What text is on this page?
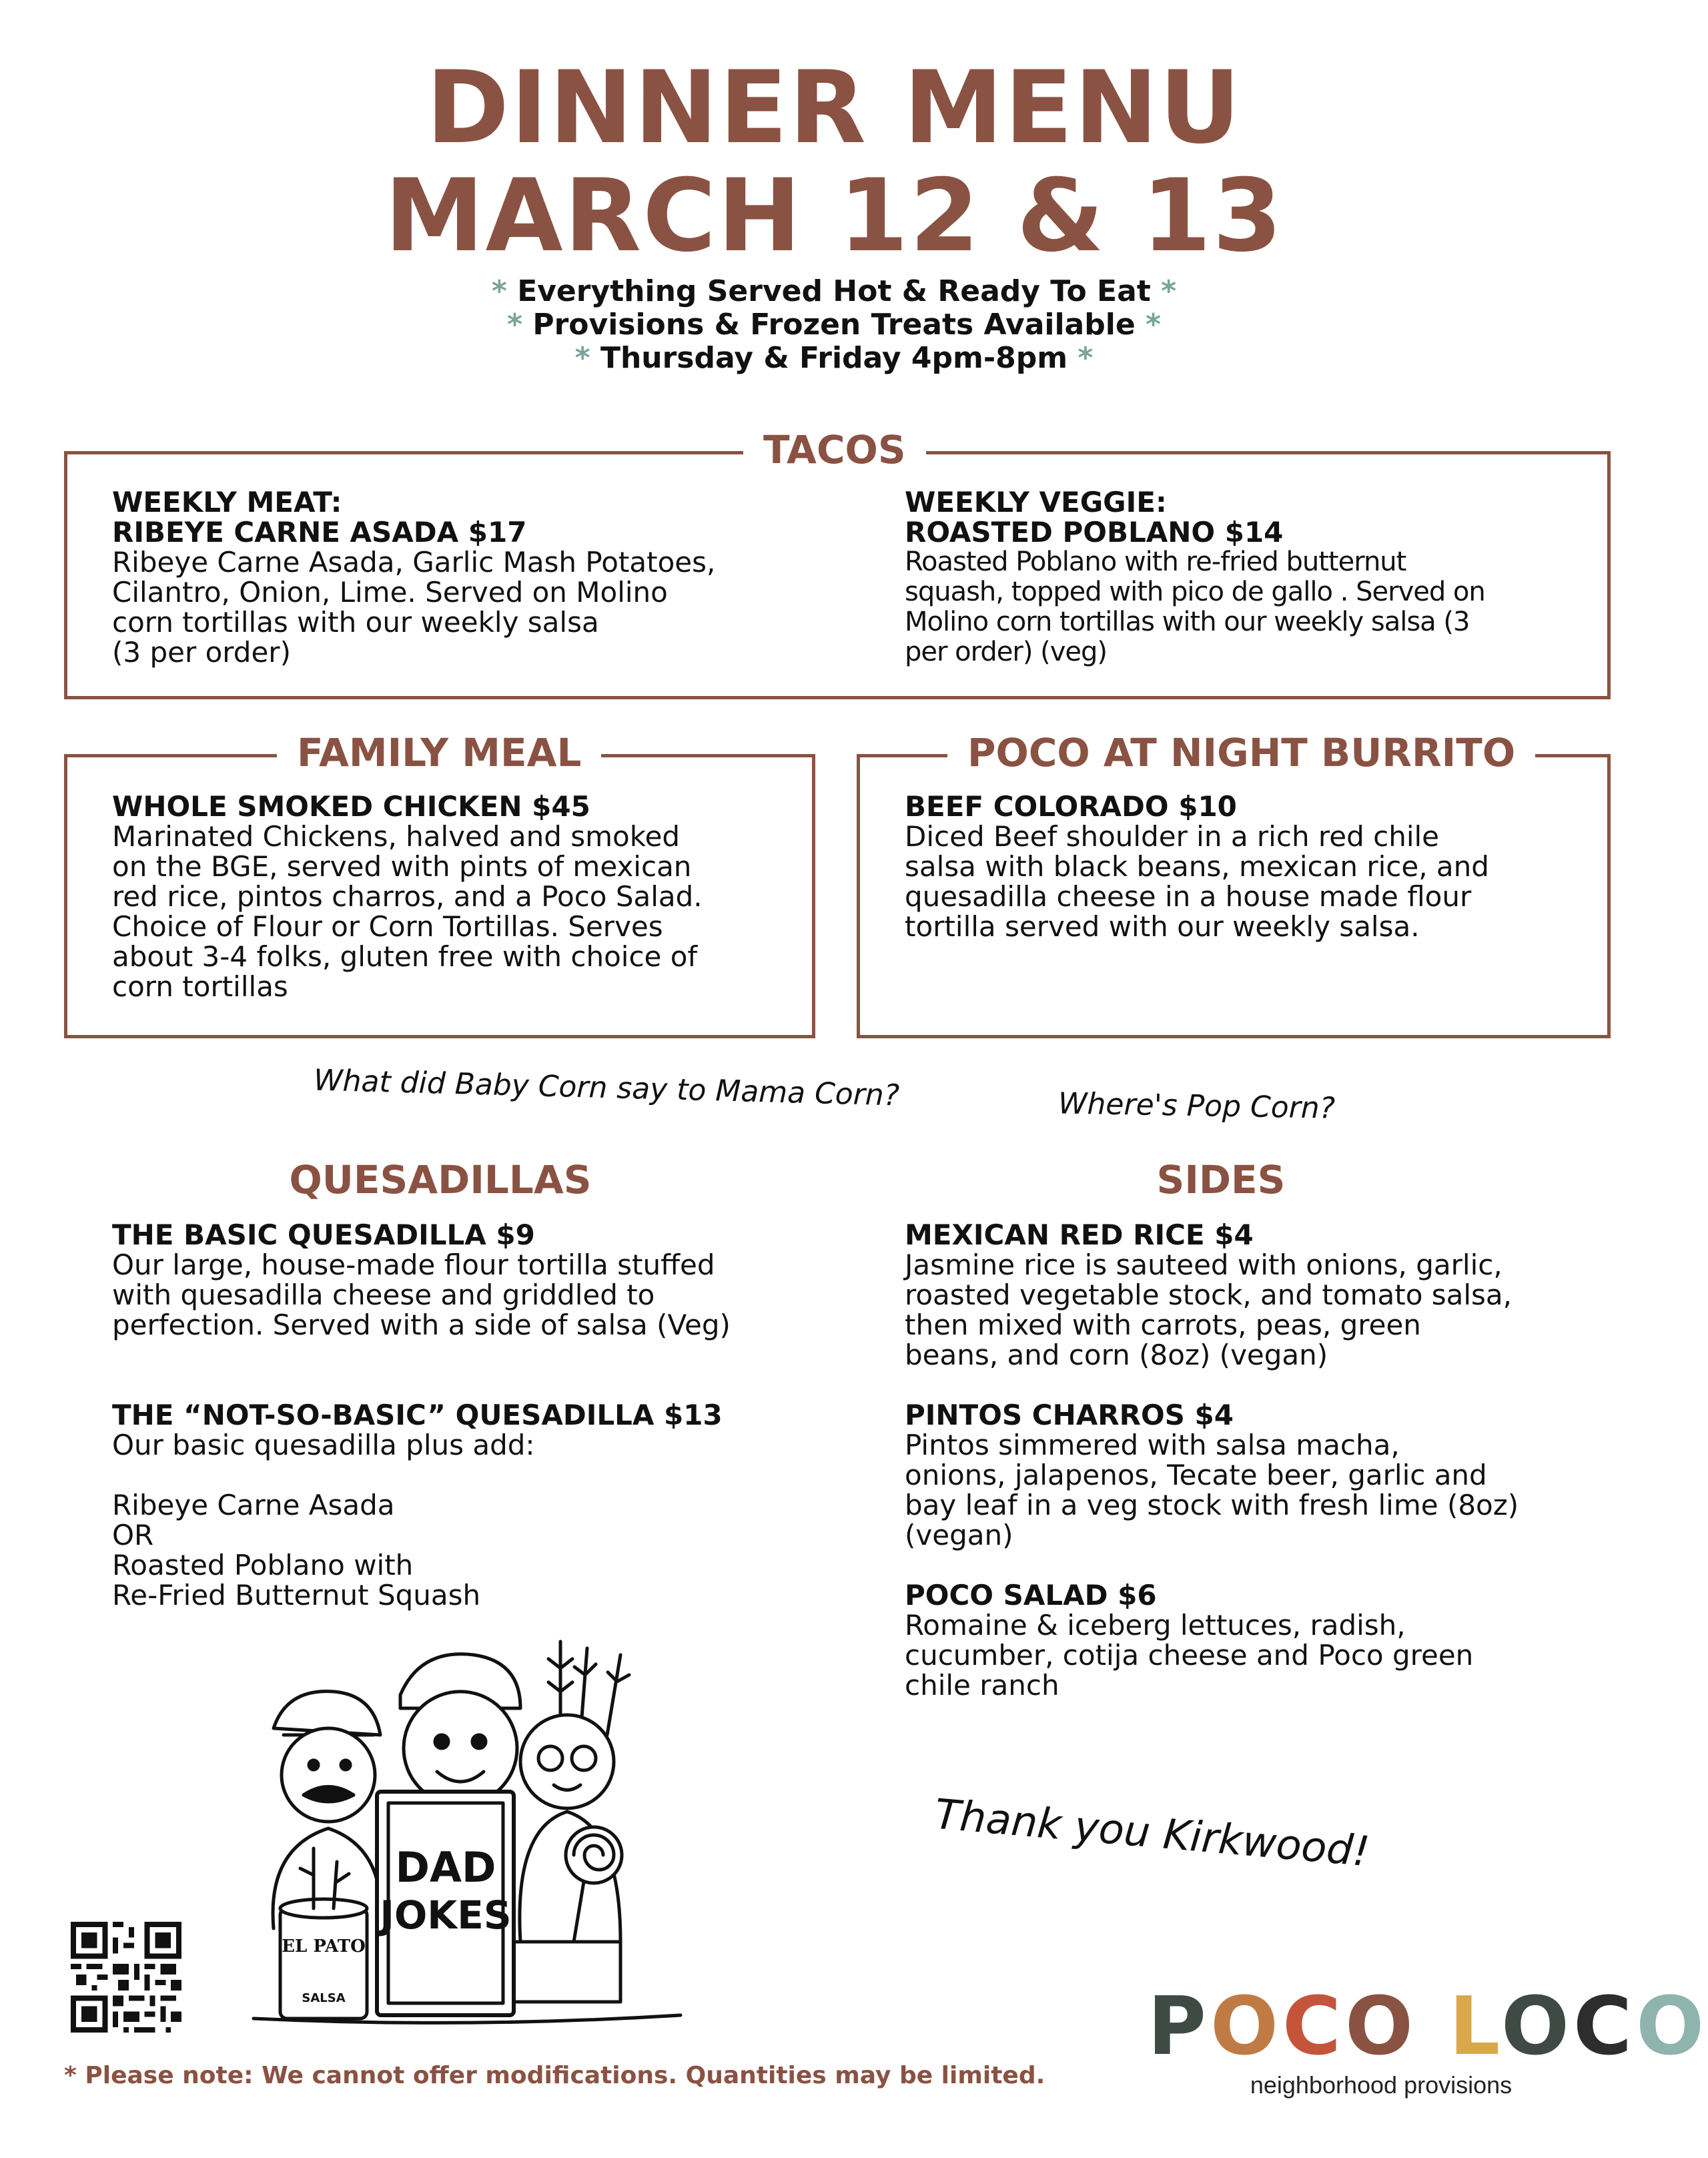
DINNER MENU
MARCH 12 & 13
* Everything Served Hot & Ready To Eat *
* Provisions & Frozen Treats Available *
* Thursday & Friday 4pm-8pm *
TACOS
WEEKLY MEAT:
RIBEYE CARNE ASADA $17
Ribeye Carne Asada, Garlic Mash Potatoes,
Cilantro, Onion, Lime. Served on Molino
corn tortillas with our weekly salsa
(3 per order)
WEEKLY VEGGIE:
ROASTED POBLANO $14
Roasted Poblano with re-fried butternut
squash, topped with pico de gallo . Served on
Molino corn tortillas with our weekly salsa (3
per order) (veg)
FAMILY MEAL
WHOLE SMOKED CHICKEN $45
Marinated Chickens, halved and smoked
on the BGE, served with pints of mexican
red rice, pintos charros, and a Poco Salad.
Choice of Flour or Corn Tortillas. Serves
about 3-4 folks, gluten free with choice of
corn tortillas
POCO AT NIGHT BURRITO
BEEF COLORADO $10
Diced Beef shoulder in a rich red chile
salsa with black beans, mexican rice, and
quesadilla cheese in a house made flour
tortilla served with our weekly salsa.
What did Baby Corn say to Mama Corn?	Where's Pop Corn?
QUESADILLAS
THE BASIC QUESADILLA $9
Our large, house-made flour tortilla stuffed
with quesadilla cheese and griddled to
perfection. Served with a side of salsa (Veg)
THE “NOT-SO-BASIC” QUESADILLA $13
Our basic quesadilla plus add:

Ribeye Carne Asada
OR
Roasted Poblano with
Re-Fried Butternut Squash
SIDES
MEXICAN RED RICE $4
Jasmine rice is sauteed with onions, garlic,
roasted vegetable stock, and tomato salsa,
then mixed with carrots, peas, green
beans, and corn (8oz) (vegan)
PINTOS CHARROS $4
Pintos simmered with salsa macha,
onions, jalapenos, Tecate beer, garlic and
bay leaf in a veg stock with fresh lime (8oz)
(vegan)
POCO SALAD $6
Romaine & iceberg lettuces, radish,
cucumber, cotija cheese and Poco green
chile ranch
DAD
JOKES
EL PATO
SALSA
Thank you Kirkwood!
* Please note: We cannot offer modifications. Quantities may be limited.
POCO LOCO
neighborhood provisions
